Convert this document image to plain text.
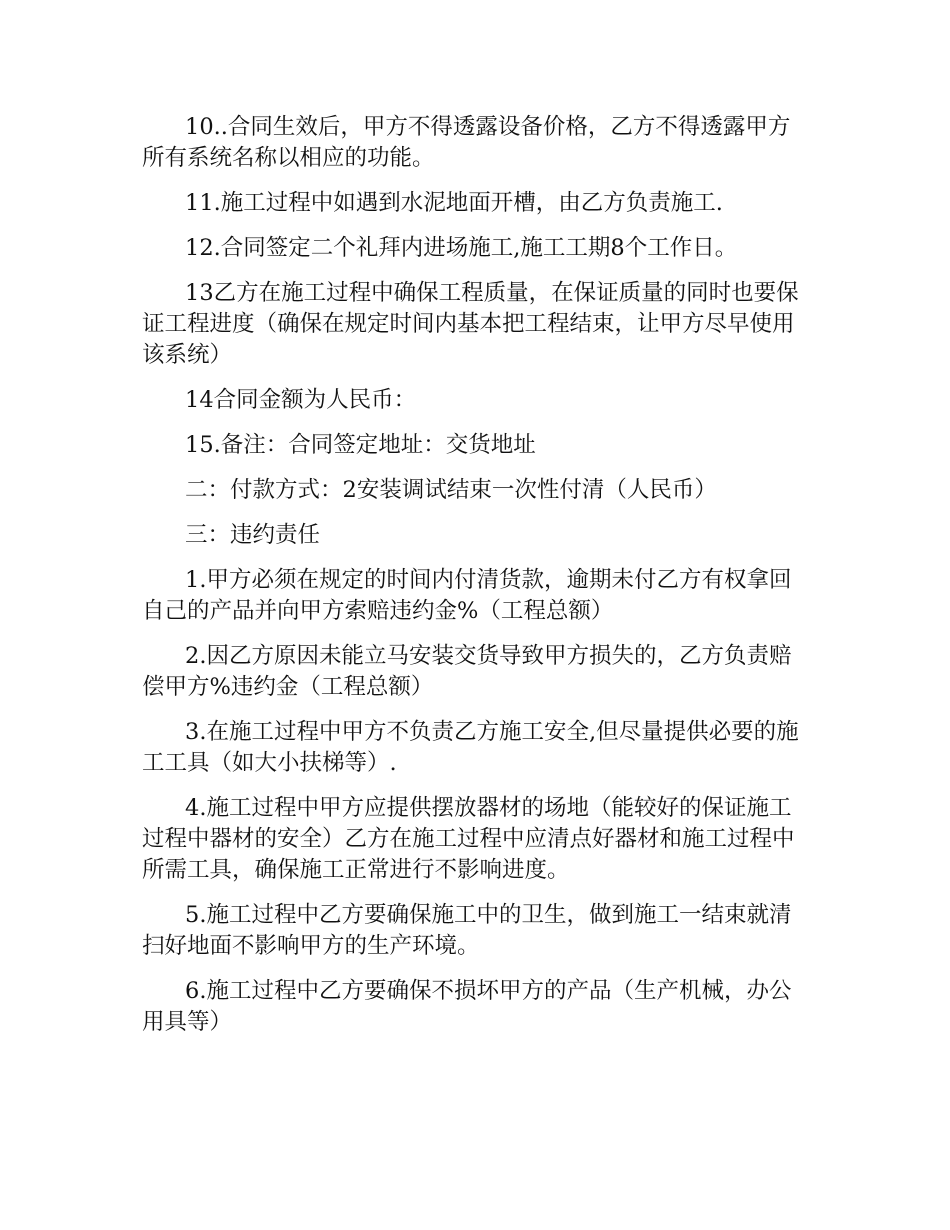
10..合同生效后，甲方不得透露设备价格，乙方不得透露甲方所有系统名称以相应的功能。

11.施工过程中如遇到水泥地面开槽，由乙方负责施工.

12.合同签定二个礼拜内进场施工,施工工期8个工作日。

13乙方在施工过程中确保工程质量，在保证质量的同时也要保证工程进度（确保在规定时间内基本把工程结束，让甲方尽早使用该系统）

14合同金额为人民币：

15.备注：合同签定地址：交货地址

二：付款方式：2安装调试结束一次性付清（人民币）

三：违约责任

1.甲方必须在规定的时间内付清货款，逾期未付乙方有权拿回自己的产品并向甲方索赔违约金%（工程总额）

2.因乙方原因未能立马安装交货导致甲方损失的，乙方负责赔偿甲方%违约金（工程总额）

3.在施工过程中甲方不负责乙方施工安全,但尽量提供必要的施工工具（如大小扶梯等）.

4.施工过程中甲方应提供摆放器材的场地（能较好的保证施工过程中器材的安全）乙方在施工过程中应清点好器材和施工过程中所需工具，确保施工正常进行不影响进度。

5.施工过程中乙方要确保施工中的卫生，做到施工一结束就清扫好地面不影响甲方的生产环境。

6.施工过程中乙方要确保不损坏甲方的产品（生产机械，办公用具等）
